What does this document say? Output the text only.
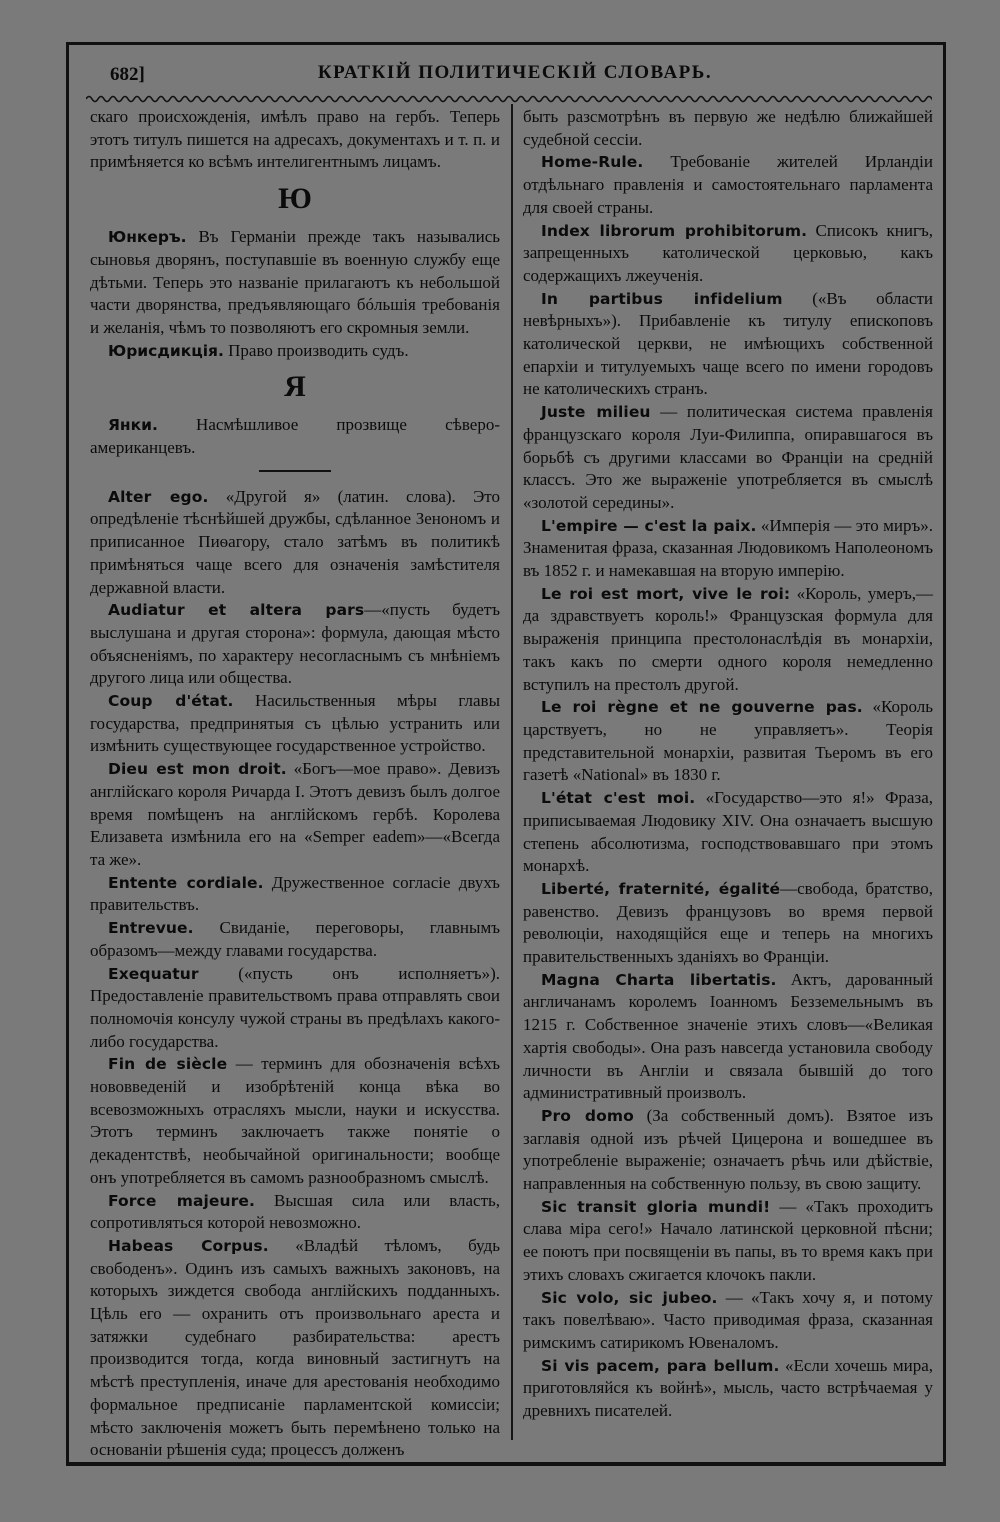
682]	КРАТКІЙ ПОЛИТИЧЕСКІЙ СЛОВАРЬ.

скаго происхожденія, имѣлъ право на гербъ. Теперь этотъ титулъ пишется на адресахъ, документахъ и т. п. и примѣняется ко всѣмъ интелигентнымъ лицамъ.

Ю

Юнкеръ. Въ Германіи прежде такъ назывались сыновья дворянъ, поступавшіе въ военную службу еще дѣтьми. Теперь это названіе прилагаютъ къ небольшой части дворянства, предъявляющаго бóльшія требованія и желанія, чѣмъ то позволяютъ его скромныя земли.

Юрисдикція. Право производить судъ.

Я

Янки. Насмѣшливое прозвище сѣверо-американцевъ.

Alter ego. «Другой я» (латин. слова). Это опредѣленіе тѣснѣйшей дружбы, сдѣланное Зенономъ и приписанное Пиѳагору, стало затѣмъ въ политикѣ примѣняться чаще всего для означенія замѣстителя державной власти.

Audiatur et altera pars—«пусть будетъ выслушана и другая сторона»: формула, дающая мѣсто объясненіямъ, по характеру несогласнымъ съ мнѣніемъ другого лица или общества.

Coup d'état. Насильственныя мѣры главы государства, предпринятыя съ цѣлью устранить или измѣнить существующее государственное устройство.

Dieu est mon droit. «Богъ—мое право». Девизъ англійскаго короля Ричарда I. Этотъ девизъ былъ долгое время помѣщенъ на англійскомъ гербѣ. Королева Елизавета измѣнила его на «Semper eadem»—«Всегда та же».

Entente cordiale. Дружественное согласіе двухъ правительствъ.

Entrevue. Свиданіе, переговоры, главнымъ образомъ—между главами государства.

Exequatur («пусть онъ исполняетъ»). Предоставленіе правительствомъ права отправлять свои полномочія консулу чужой страны въ предѣлахъ какого-либо государства.

Fin de siècle — терминъ для обозначенія всѣхъ нововведеній и изобрѣтеній конца вѣка во всевозможныхъ отрасляхъ мысли, науки и искусства. Этотъ терминъ заключаетъ также понятіе о декадентствѣ, необычайной оригинальности; вообще онъ употребляется въ самомъ разнообразномъ смыслѣ.

Force majeure. Высшая сила или власть, сопротивляться которой невозможно.

Habeas Corpus. «Владѣй тѣломъ, будь свободенъ». Одинъ изъ самыхъ важныхъ законовъ, на которыхъ зиждется свобода англійскихъ подданныхъ. Цѣль его — охранить отъ произвольнаго ареста и затяжки судебнаго разбирательства: арестъ производится тогда, когда виновный застигнутъ на мѣстѣ преступленія, иначе для арестованія необходимо формальное предписаніе парламентской комиссіи; мѣсто заключенія можетъ быть перемѣнено только на основаніи рѣшенія суда; процессъ долженъ

быть разсмотрѣнъ въ первую же недѣлю ближайшей судебной сессіи.

Home-Rule. Требованіе жителей Ирландіи отдѣльнаго правленія и самостоятельнаго парламента для своей страны.

Index librorum prohibitorum. Списокъ книгъ, запрещенныхъ католической церковью, какъ содержащихъ лжеученія.

In partibus infidelium («Въ области невѣрныхъ»). Прибавленіе къ титулу епископовъ католической церкви, не имѣющихъ собственной епархіи и титулуемыхъ чаще всего по имени городовъ не католическихъ странъ.

Juste milieu — политическая система правленія французскаго короля Луи-Филиппа, опиравшагося въ борьбѣ съ другими классами во Франціи на средній классъ. Это же выраженіе употребляется въ смыслѣ «золотой середины».

L'empire — c'est la paix. «Имперія — это миръ». Знаменитая фраза, сказанная Людовикомъ Наполеономъ въ 1852 г. и намекавшая на вторую имперію.

Le roi est mort, vive le roi: «Король, умеръ,— да здравствуетъ король!» Французская формула для выраженія принципа престолонаслѣдія въ монархіи, такъ какъ по смерти одного короля немедленно вступилъ на престолъ другой.

Le roi règne et ne gouverne pas. «Король царствуетъ, но не управляетъ». Теорія представительной монархіи, развитая Тьеромъ въ его газетѣ «National» въ 1830 г.

L'état c'est moi. «Государство—это я!» Фраза, приписываемая Людовику XIV. Она означаетъ высшую степень абсолютизма, господствовавшаго при этомъ монархѣ.

Liberté, fraternité, égalité—свобода, братство, равенство. Девизъ французовъ во время первой революціи, находящійся еще и теперь на многихъ правительственныхъ зданіяхъ во Франціи.

Magna Charta libertatis. Актъ, дарованный англичанамъ королемъ Іоанномъ Безземельнымъ въ 1215 г. Собственное значеніе этихъ словъ—«Великая хартія свободы». Она разъ навсегда установила свободу личности въ Англіи и связала бывшій до того административный произволъ.

Pro domo (За собственный домъ). Взятое изъ заглавія одной изъ рѣчей Цицерона и вошедшее въ употребленіе выраженіе; означаетъ рѣчь или дѣйствіе, направленныя на собственную пользу, въ свою защиту.

Sic transit gloria mundi! — «Такъ проходитъ слава міра сего!» Начало латинской церковной пѣсни; ее поютъ при посвященіи въ папы, въ то время какъ при этихъ словахъ сжигается клочокъ пакли.

Sic volo, sic jubeo. — «Такъ хочу я, и потому такъ повелѣваю». Часто приводимая фраза, сказанная римскимъ сатирикомъ Ювеналомъ.

Si vis pacem, para bellum. «Если хочешь мира, приготовляйся къ войнѣ», мысль, часто встрѣчаемая у древнихъ писателей.
